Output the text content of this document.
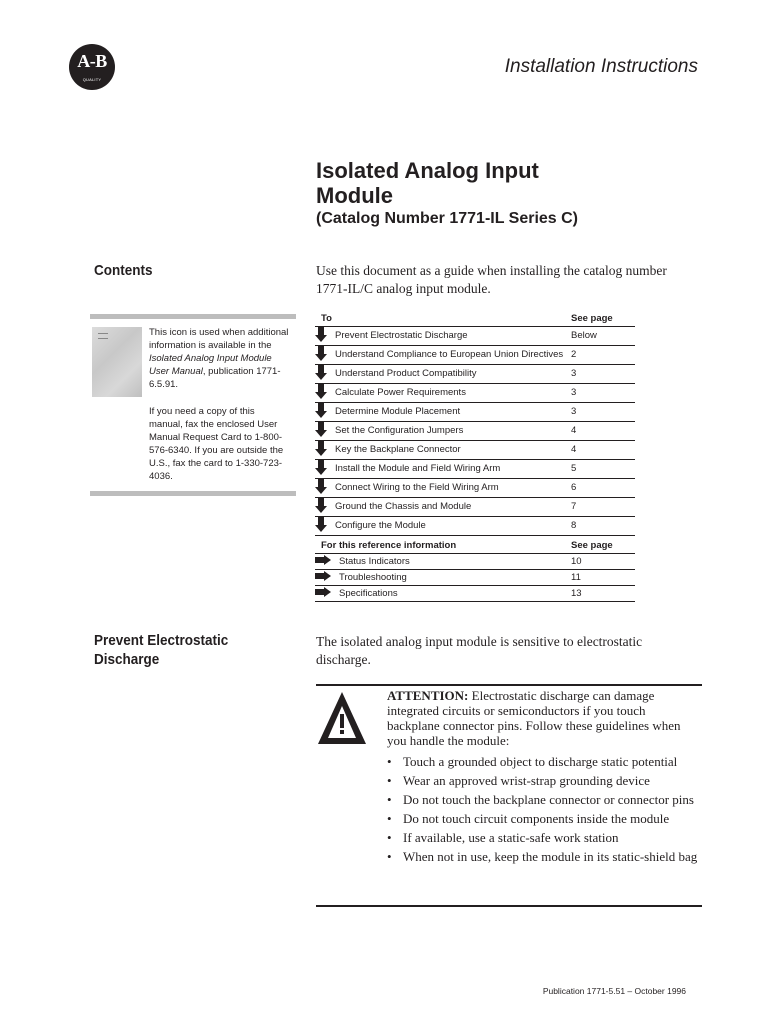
A-B
QUALITY
Installation Instructions
Isolated Analog Input
Module
(Catalog Number 1771-IL Series C)
Contents	Use this document as a guide when installing the catalog number 1771-IL/C analog input module.
This icon is used when additional information is available in the Isolated Analog Input Module User Manual, publication 1771-6.5.91.
If you need a copy of this manual, fax the enclosed User Manual Request Card to 1-800-576-6340. If you are outside the U.S., fax the card to 1-330-723-4036.
To		See page
	Prevent Electrostatic Discharge	Below
	Understand Compliance to European Union Directives	2
	Understand Product Compatibility	3
	Calculate Power Requirements	3
	Determine Module Placement	3
	Set the Configuration Jumpers	4
	Key the Backplane Connector	4
	Install the Module and Field Wiring Arm	5
	Connect Wiring to the Field Wiring Arm	6
	Ground the Chassis and Module	7
	Configure the Module	8
For this reference information		See page
	Status Indicators	10
	Troubleshooting	11
	Specifications	13
Prevent Electrostatic
Discharge
The isolated analog input module is sensitive to electrostatic discharge.
ATTENTION: Electrostatic discharge can damage integrated circuits or semiconductors if you touch backplane connector pins. Follow these guidelines when you handle the module:
• Touch a grounded object to discharge static potential
• Wear an approved wrist-strap grounding device
• Do not touch the backplane connector or connector pins
• Do not touch circuit components inside the module
• If available, use a static-safe work station
• When not in use, keep the module in its static-shield bag
Publication 1771-5.51 – October 1996
